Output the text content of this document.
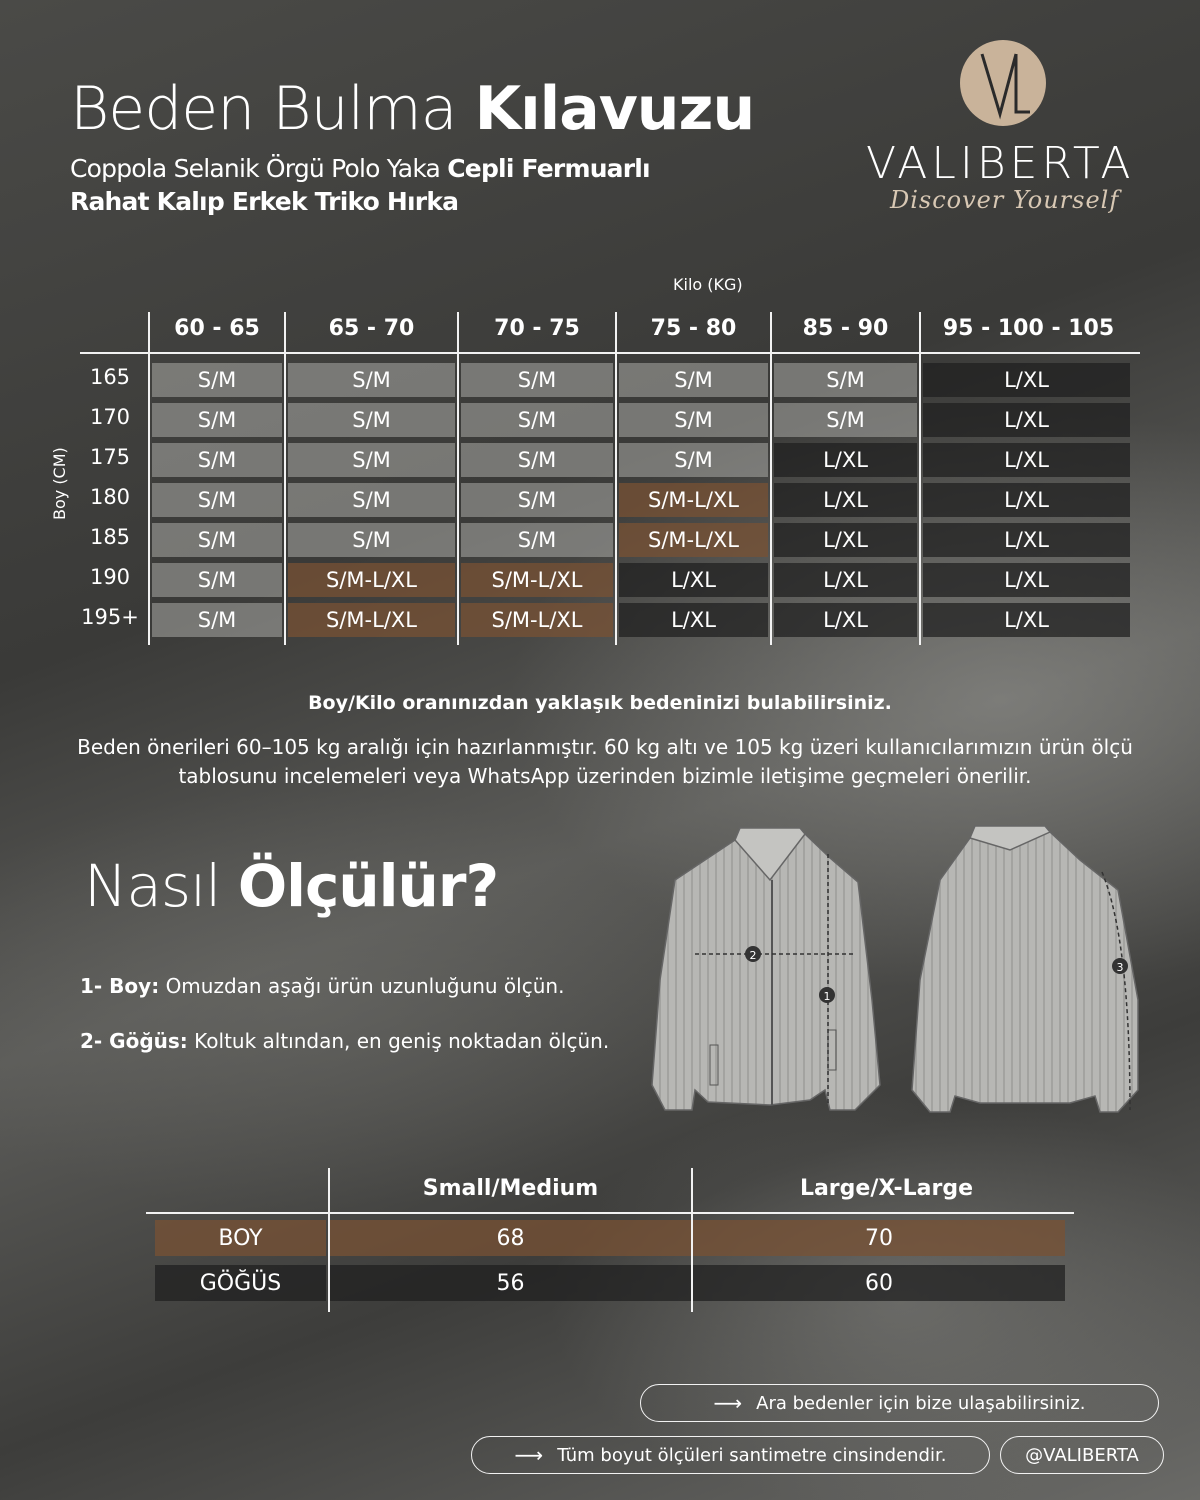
Beden Bulma Kılavuzu
Coppola Selanik Örgü Polo Yaka Cepli Fermuarlı
Rahat Kalıp Erkek Triko Hırka
VALIBERTA
Discover Yourself
Kilo (KG)
Boy (CM)
60 - 65	65 - 70	70 - 75	75 - 80	85 - 90	95 - 100 - 105
165	S/M	S/M	S/M	S/M	S/M	L/XL
170	S/M	S/M	S/M	S/M	S/M	L/XL
175	S/M	S/M	S/M	S/M	L/XL	L/XL
180	S/M	S/M	S/M	S/M-L/XL	L/XL	L/XL
185	S/M	S/M	S/M	S/M-L/XL	L/XL	L/XL
190	S/M	S/M-L/XL	S/M-L/XL	L/XL	L/XL	L/XL
195+	S/M	S/M-L/XL	S/M-L/XL	L/XL	L/XL	L/XL
Boy/Kilo oranınızdan yaklaşık bedeninizi bulabilirsiniz.
Beden önerileri 60–105 kg aralığı için hazırlanmıştır. 60 kg altı ve 105 kg üzeri kullanıcılarımızın ürün ölçü tablosunu incelemeleri veya WhatsApp üzerinden bizimle iletişime geçmeleri önerilir.
Nasıl Ölçülür?
1- Boy: Omuzdan aşağı ürün uzunluğunu ölçün.
2- Göğüs: Koltuk altından, en geniş noktadan ölçün.
1
2
3
Small/Medium	Large/X-Large
BOY	68	70
GÖĞÜS	56	60
⟶ Ara bedenler için bize ulaşabilirsiniz.
⟶ Tüm boyut ölçüleri santimetre cinsindendir.	@VALIBERTA
